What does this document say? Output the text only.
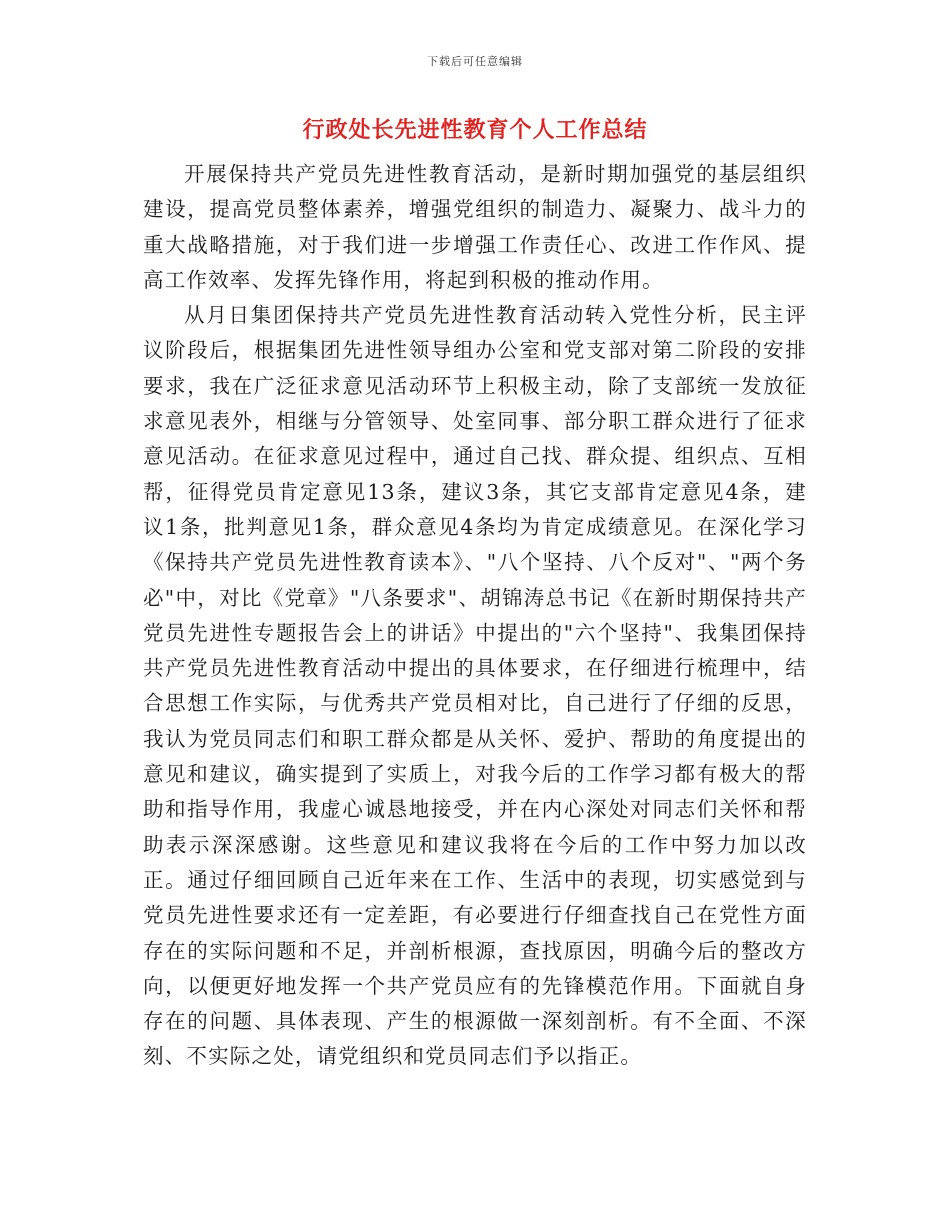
下载后可任意编辑
行政处长先进性教育个人工作总结

开展保持共产党员先进性教育活动，是新时期加强党的基层组织建设，提高党员整体素养，增强党组织的制造力、凝聚力、战斗力的重大战略措施，对于我们进一步增强工作责任心、改进工作作风、提高工作效率、发挥先锋作用，将起到积极的推动作用。

从月日集团保持共产党员先进性教育活动转入党性分析，民主评议阶段后，根据集团先进性领导组办公室和党支部对第二阶段的安排要求，我在广泛征求意见活动环节上积极主动，除了支部统一发放征求意见表外，相继与分管领导、处室同事、部分职工群众进行了征求意见活动。在征求意见过程中，通过自己找、群众提、组织点、互相帮，征得党员肯定意见13条，建议3条，其它支部肯定意见4条，建议1条，批判意见1条，群众意见4条均为肯定成绩意见。在深化学习《保持共产党员先进性教育读本》、"八个坚持、八个反对"、"两个务必"中，对比《党章》"八条要求"、胡锦涛总书记《在新时期保持共产党员先进性专题报告会上的讲话》中提出的"六个坚持"、我集团保持共产党员先进性教育活动中提出的具体要求，在仔细进行梳理中，结合思想工作实际，与优秀共产党员相对比，自己进行了仔细的反思，我认为党员同志们和职工群众都是从关怀、爱护、帮助的角度提出的意见和建议，确实提到了实质上，对我今后的工作学习都有极大的帮助和指导作用，我虚心诚恳地接受，并在内心深处对同志们关怀和帮助表示深深感谢。这些意见和建议我将在今后的工作中努力加以改正。通过仔细回顾自己近年来在工作、生活中的表现，切实感觉到与党员先进性要求还有一定差距，有必要进行仔细查找自己在党性方面存在的实际问题和不足，并剖析根源，查找原因，明确今后的整改方向，以便更好地发挥一个共产党员应有的先锋模范作用。下面就自身存在的问题、具体表现、产生的根源做一深刻剖析。有不全面、不深刻、不实际之处，请党组织和党员同志们予以指正。
